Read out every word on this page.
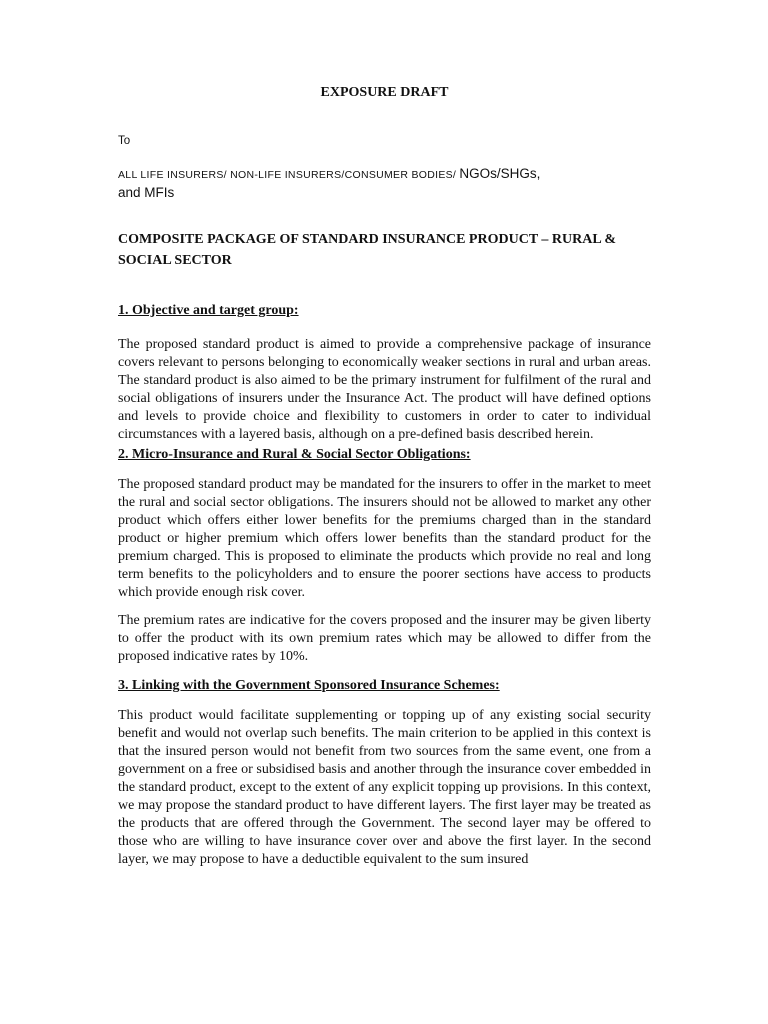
EXPOSURE DRAFT

To

ALL LIFE INSURERS/ NON-LIFE INSURERS/CONSUMER BODIES/ NGOs/SHGs,
and MFIs

COMPOSITE PACKAGE OF STANDARD INSURANCE PRODUCT – RURAL & SOCIAL SECTOR

1. Objective and target group:

The proposed standard product is aimed to provide a comprehensive package of insurance covers relevant to persons belonging to economically weaker sections in rural and urban areas. The standard product is also aimed to be the primary instrument for fulfilment of the rural and social obligations of insurers under the Insurance Act. The product will have defined options and levels to provide choice and flexibility to customers in order to cater to individual circumstances with a layered basis, although on a pre-defined basis described herein.

2. Micro-Insurance and Rural & Social Sector Obligations:

The proposed standard product may be mandated for the insurers to offer in the market to meet the rural and social sector obligations. The insurers should not be allowed to market any other product which offers either lower benefits for the premiums charged than in the standard product or higher premium which offers lower benefits than the standard product for the premium charged. This is proposed to eliminate the products which provide no real and long term benefits to the policyholders and to ensure the poorer sections have access to products which provide enough risk cover.

The premium rates are indicative for the covers proposed and the insurer may be given liberty to offer the product with its own premium rates which may be allowed to differ from the proposed indicative rates by 10%.

3. Linking with the Government Sponsored Insurance Schemes:

This product would facilitate supplementing or topping up of any existing social security benefit and would not overlap such benefits. The main criterion to be applied in this context is that the insured person would not benefit from two sources from the same event, one from a government on a free or subsidised basis and another through the insurance cover embedded in the standard product, except to the extent of any explicit topping up provisions. In this context, we may propose the standard product to have different layers. The first layer may be treated as the products that are offered through the Government. The second layer may be offered to those who are willing to have insurance cover over and above the first layer. In the second layer, we may propose to have a deductible equivalent to the sum insured
